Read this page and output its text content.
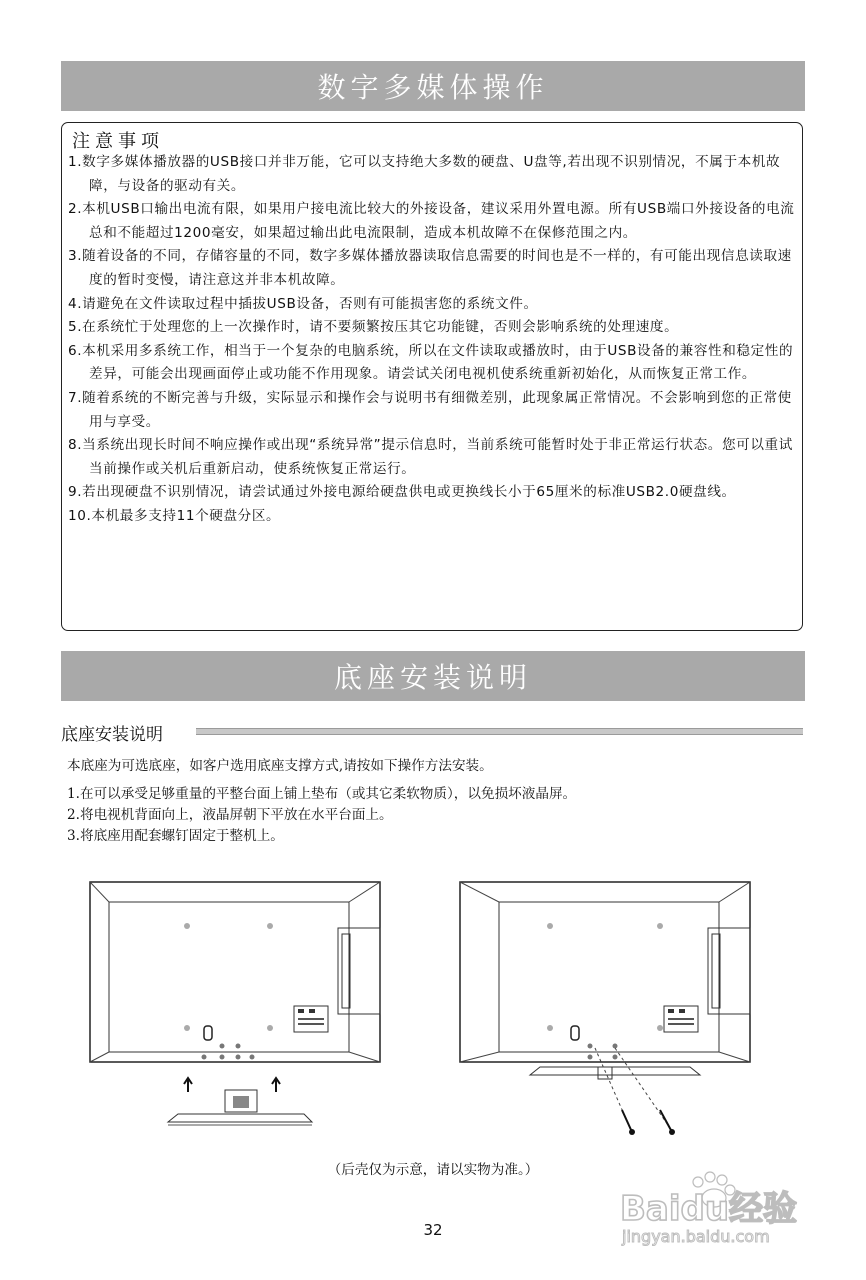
数字多媒体操作
注意事项
1.数字多媒体播放器的USB接口并非万能，它可以支持绝大多数的硬盘、U盘等,若出现不识别情况，不属于本机故障，与设备的驱动有关。
2.本机USB口输出电流有限，如果用户接电流比较大的外接设备，建议采用外置电源。所有USB端口外接设备的电流总和不能超过1200毫安，如果超过输出此电流限制，造成本机故障不在保修范围之内。
3.随着设备的不同，存储容量的不同，数字多媒体播放器读取信息需要的时间也是不一样的，有可能出现信息读取速度的暂时变慢，请注意这并非本机故障。
4.请避免在文件读取过程中插拔USB设备，否则有可能损害您的系统文件。
5.在系统忙于处理您的上一次操作时，请不要频繁按压其它功能键，否则会影响系统的处理速度。
6.本机采用多系统工作，相当于一个复杂的电脑系统，所以在文件读取或播放时，由于USB设备的兼容性和稳定性的差异，可能会出现画面停止或功能不作用现象。请尝试关闭电视机使系统重新初始化，从而恢复正常工作。
7.随着系统的不断完善与升级，实际显示和操作会与说明书有细微差别，此现象属正常情况。不会影响到您的正常使用与享受。
8.当系统出现长时间不响应操作或出现“系统异常”提示信息时，当前系统可能暂时处于非正常运行状态。您可以重试当前操作或关机后重新启动，使系统恢复正常运行。
9.若出现硬盘不识别情况，请尝试通过外接电源给硬盘供电或更换线长小于65厘米的标准USB2.0硬盘线。
10.本机最多支持11个硬盘分区。
底座安装说明
底座安装说明
本底座为可选底座，如客户选用底座支撑方式,请按如下操作方法安装。
1.在可以承受足够重量的平整台面上铺上垫布（或其它柔软物质），以免损坏液晶屏。
2.将电视机背面向上，液晶屏朝下平放在水平台面上。
3.将底座用配套螺钉固定于整机上。
（后壳仅为示意，请以实物为准。）
32
Baidu经验
jingyan.baidu.com
